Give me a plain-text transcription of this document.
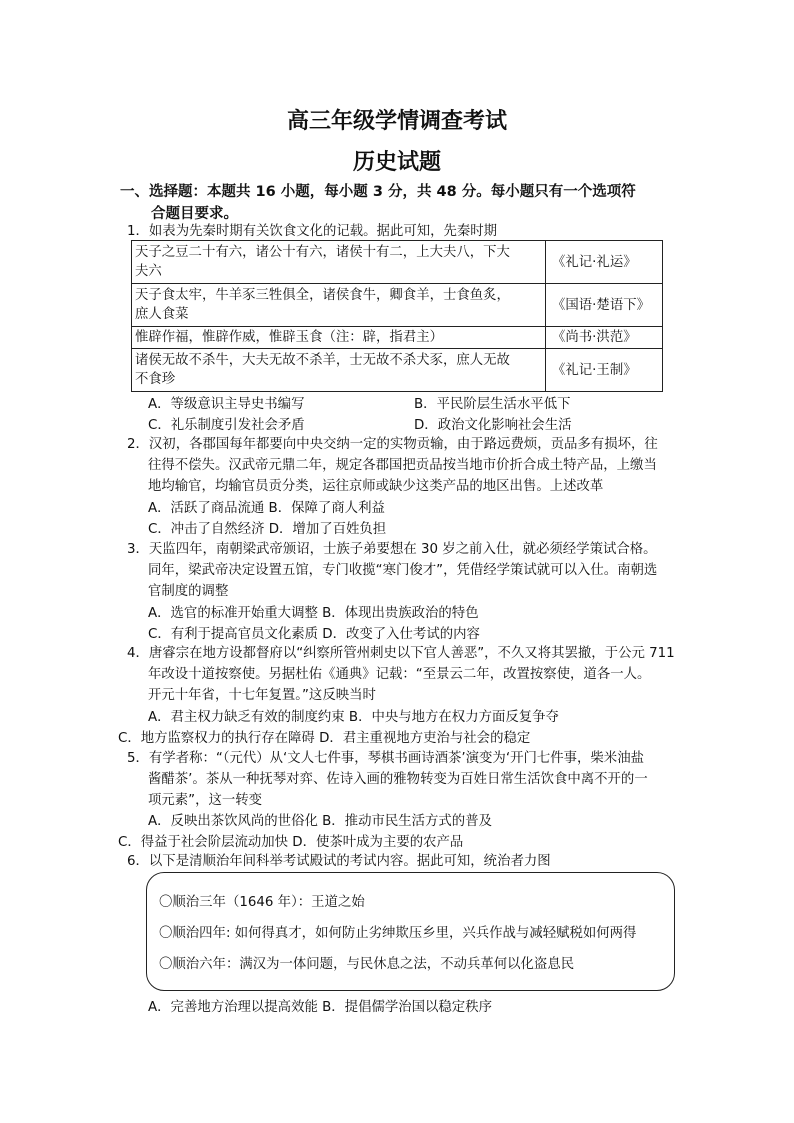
高三年级学情调查考试
历史试题
一、选择题：本题共 16 小题，每小题 3 分，共 48 分。每小题只有一个选项符
合题目要求。
1．如表为先秦时期有关饮食文化的记载。据此可知，先秦时期
天子之豆二十有六，诸公十有六，诸侯十有二，上大夫八，下大
夫六	《礼记·礼运》
天子食太牢，牛羊豕三牲俱全，诸侯食牛，卿食羊，士食鱼炙，
庶人食菜	《国语·楚语下》
惟辟作福，惟辟作威，惟辟玉食（注：辟，指君主）	《尚书·洪范》
诸侯无故不杀牛，大夫无故不杀羊，士无故不杀犬豕，庶人无故
不食珍	《礼记·王制》
A．等级意识主导史书编写	B．平民阶层生活水平低下
C．礼乐制度引发社会矛盾	D．政治文化影响社会生活
2．汉初，各郡国每年都要向中央交纳一定的实物贡输，由于路远费烦，贡品多有损坏，往
往得不偿失。汉武帝元鼎二年，规定各郡国把贡品按当地市价折合成土特产品，上缴当
地均输官，均输官员贡分类，运往京师或缺少这类产品的地区出售。上述改革
A．活跃了商品流通 B．保障了商人利益
C．冲击了自然经济 D．增加了百姓负担
3．天监四年，南朝梁武帝颁诏，士族子弟要想在 30 岁之前入仕，就必须经学策试合格。
同年，梁武帝决定设置五馆，专门收揽“寒门俊才”，凭借经学策试就可以入仕。南朝选
官制度的调整
A．选官的标准开始重大调整 B．体现出贵族政治的特色
C．有利于提高官员文化素质 D．改变了入仕考试的内容
4．唐睿宗在地方设都督府以“纠察所管州刺史以下官人善恶”，不久又将其罢撤，于公元 711
年改设十道按察使。另据杜佑《通典》记载：“至景云二年，改置按察使，道各一人。
开元十年省，十七年复置。”这反映当时
A．君主权力缺乏有效的制度约束 B．中央与地方在权力方面反复争夺
C．地方监察权力的执行存在障碍 D．君主重视地方吏治与社会的稳定
5．有学者称：“（元代）从‘文人七件事，琴棋书画诗酒茶’演变为‘开门七件事，柴米油盐
酱醋茶’。茶从一种抚琴对弈、佐诗入画的雅物转变为百姓日常生活饮食中离不开的一
项元素”，这一转变
A．反映出茶饮风尚的世俗化 B．推动市民生活方式的普及
C．得益于社会阶层流动加快 D．使茶叶成为主要的农产品
6．以下是清顺治年间科举考试殿试的考试内容。据此可知，统治者力图
〇顺治三年（1646 年）：王道之始
〇顺治四年: 如何得真才，如何防止劣绅欺压乡里，兴兵作战与减轻赋税如何两得
〇顺治六年：满汉为一体问题，与民休息之法，不动兵革何以化盗息民
A．完善地方治理以提高效能 B．提倡儒学治国以稳定秩序
